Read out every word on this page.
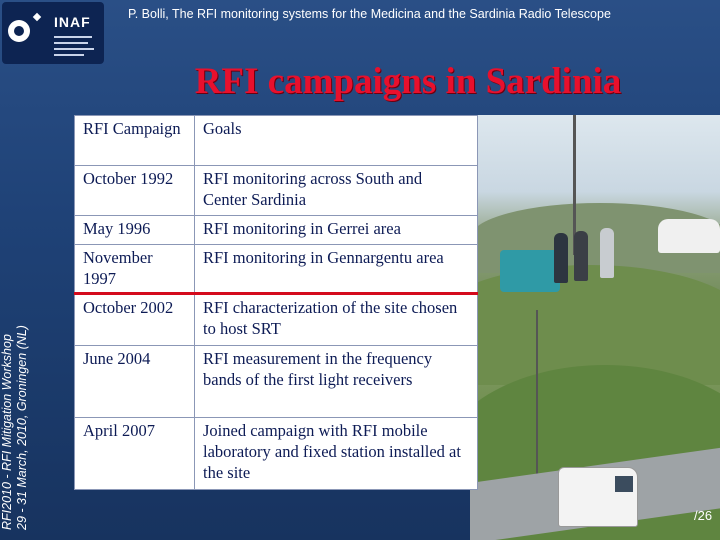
INAF	P. Bolli, The RFI monitoring systems for the Medicina and the Sardinia Radio Telescope
RFI campaigns in Sardinia
RFI2010 - RFI Mitigation Workshop 29 - 31 March, 2010, Groningen (NL)
RFI Campaign	Goals
October 1992	RFI monitoring across South and Center Sardinia
May 1996	RFI monitoring in Gerrei area
November 1997	RFI monitoring in Gennargentu area
October 2002	RFI characterization of the site chosen to host SRT
June 2004	RFI measurement in the frequency bands of the first light receivers
April 2007	Joined campaign with RFI mobile laboratory and fixed station installed at the site
/26
